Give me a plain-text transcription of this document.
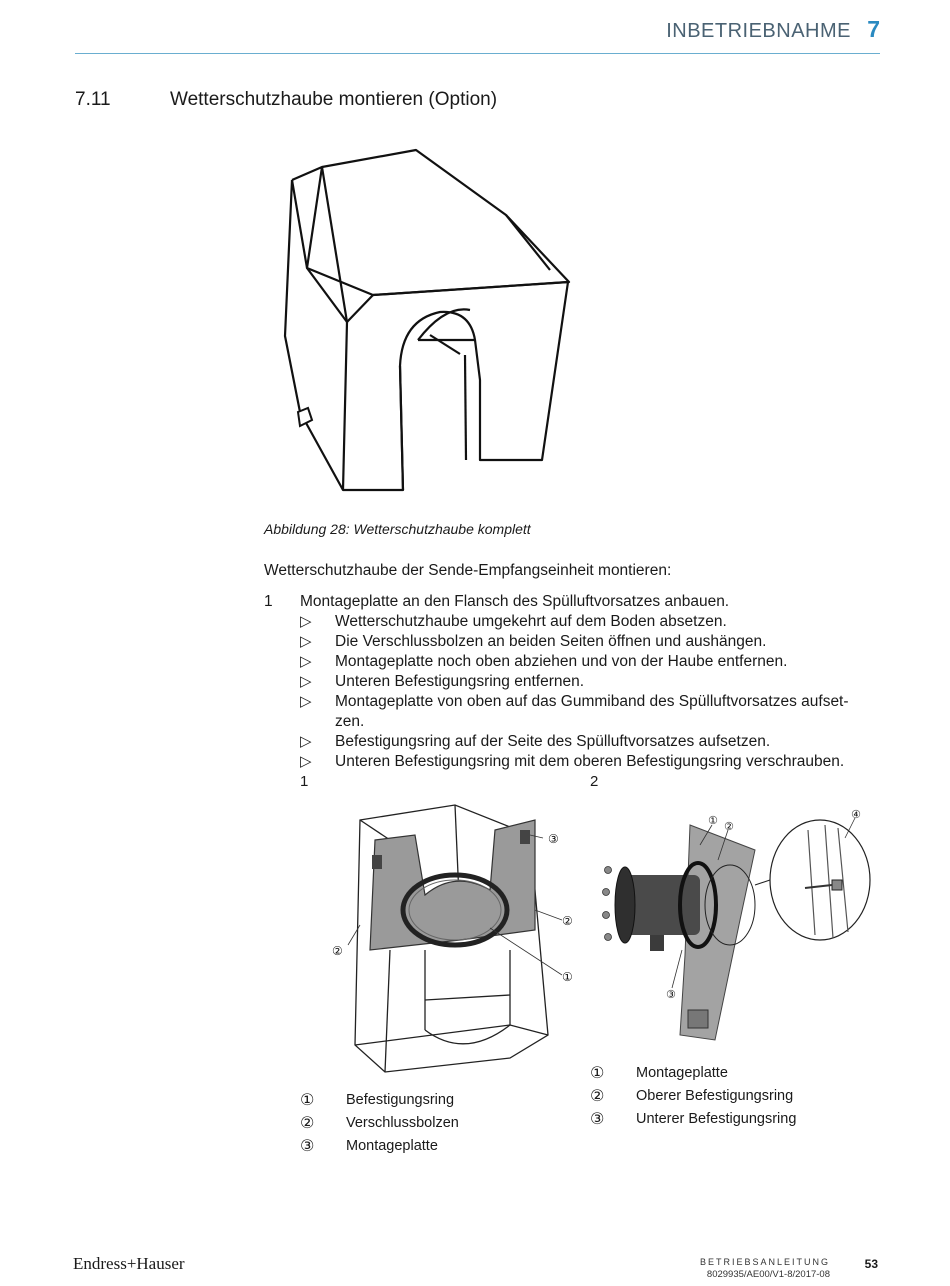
INBETRIEBNAHME 7
7.11	Wetterschutzhaube montieren (Option)
Abbildung 28: Wetterschutzhaube komplett
Wetterschutzhaube der Sende-Empfangseinheit montieren:
1 Montageplatte an den Flansch des Spülluftvorsatzes anbauen.
▷ Wetterschutzhaube umgekehrt auf dem Boden absetzen.
▷ Die Verschlussbolzen an beiden Seiten öffnen und aushängen.
▷ Montageplatte noch oben abziehen und von der Haube entfernen.
▷ Unteren Befestigungsring entfernen.
▷ Montageplatte von oben auf das Gummiband des Spülluftvorsatzes aufset-
zen.
▷ Befestigungsring auf der Seite des Spülluftvorsatzes aufsetzen.
▷ Unteren Befestigungsring mit dem oberen Befestigungsring verschrauben.
1	2
③
②
②
①
① ②
③
④
① Befestigungsring
② Verschlussbolzen
③ Montageplatte
① Montageplatte
② Oberer Befestigungsring
③ Unterer Befestigungsring
Endress+Hauser	BETRIEBSANLEITUNG
8029935/AE00/V1-8/2017-08
53
